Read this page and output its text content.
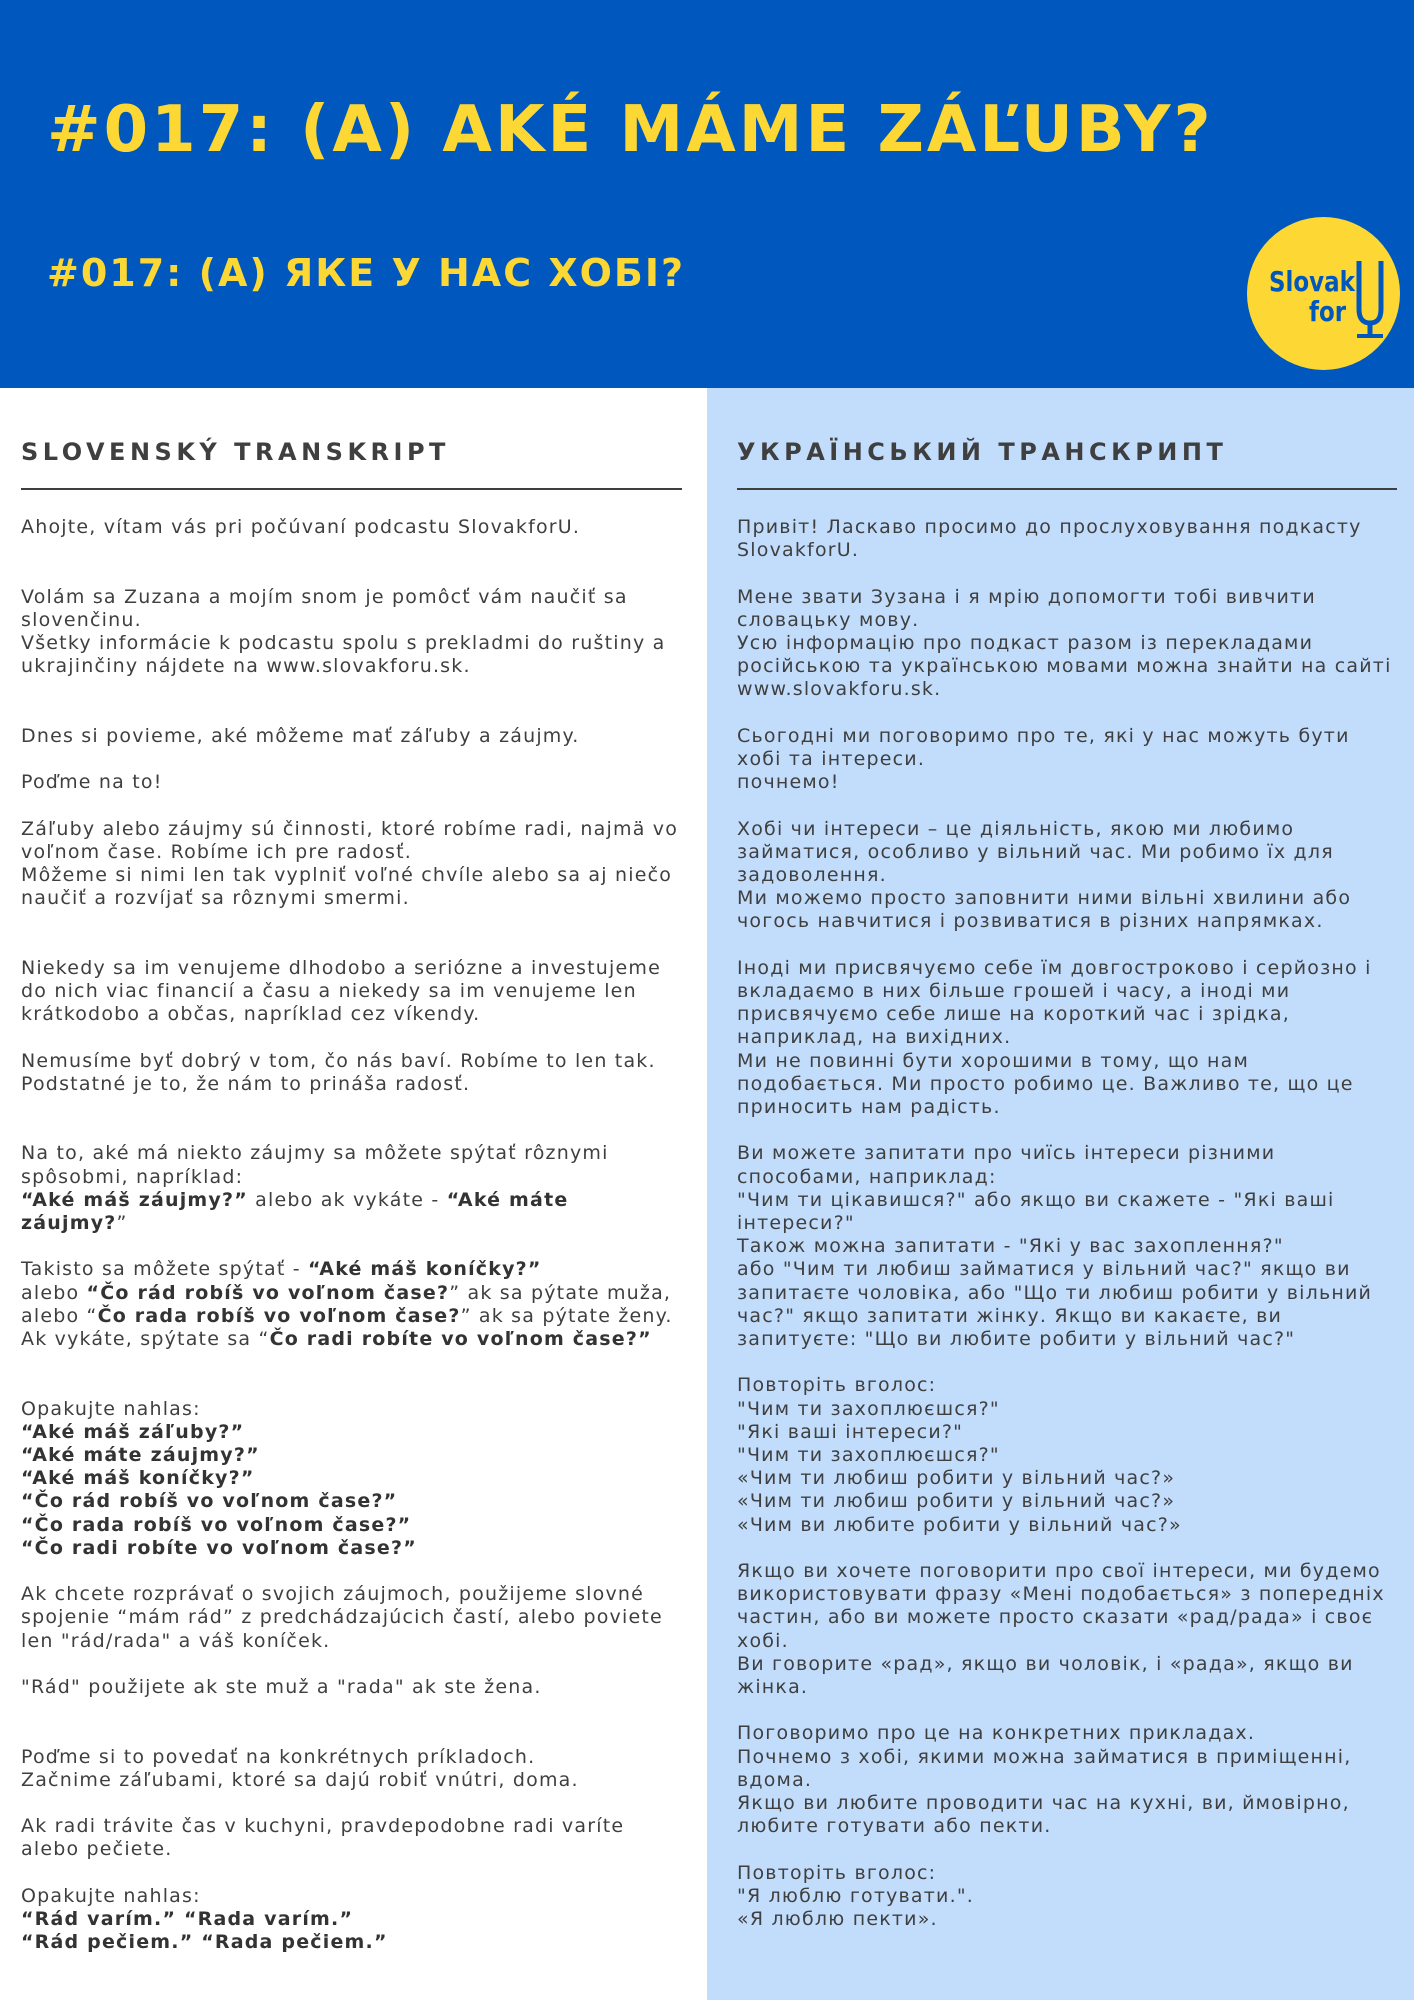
#017: (A) AKÉ MÁME ZÁĽUBY?
#017: (А) ЯКЕ У НАС ХОБІ?	Slovak
for
SLOVENSKÝ TRANSKRIPT

Ahojte, vítam vás pri počúvaní podcastu SlovakforU.

Volám sa Zuzana a mojím snom je pomôcť vám naučiť sa slovenčinu.
Všetky informácie k podcastu spolu s prekladmi do ruštiny a ukrajinčiny nájdete na www.slovakforu.sk.

Dnes si povieme, aké môžeme mať záľuby a záujmy.

Poďme na to!

Záľuby alebo záujmy sú činnosti, ktoré robíme radi, najmä vo voľnom čase. Robíme ich pre radosť.
Môžeme si nimi len tak vyplniť voľné chvíle alebo sa aj niečo naučiť a rozvíjať sa rôznymi smermi.

Niekedy sa im venujeme dlhodobo a seriózne a investujeme do nich viac financií a času a niekedy sa im venujeme len krátkodobo a občas, napríklad cez víkendy.

Nemusíme byť dobrý v tom, čo nás baví. Robíme to len tak. Podstatné je to, že nám to prináša radosť.

Na to, aké má niekto záujmy sa môžete spýtať rôznymi spôsobmi, napríklad:
“Aké máš záujmy?” alebo ak vykáte - “Aké máte záujmy?”

Takisto sa môžete spýtať - “Aké máš koníčky?”
alebo “Čo rád robíš vo voľnom čase?” ak sa pýtate muža, alebo “Čo rada robíš vo voľnom čase?” ak sa pýtate ženy. Ak vykáte, spýtate sa “Čo radi robíte vo voľnom čase?”

Opakujte nahlas:
“Aké máš záľuby?”
“Aké máte záujmy?”
“Aké máš koníčky?”
“Čo rád robíš vo voľnom čase?”
“Čo rada robíš vo voľnom čase?”
“Čo radi robíte vo voľnom čase?”

Ak chcete rozprávať o svojich záujmoch, použijeme slovné spojenie “mám rád” z predchádzajúcich častí, alebo poviete len "rád/rada" a váš koníček.

"Rád" použijete ak ste muž a "rada" ak ste žena.

Poďme si to povedať na konkrétnych príkladoch.
Začnime záľubami, ktoré sa dajú robiť vnútri, doma.

Ak radi trávite čas v kuchyni, pravdepodobne radi varíte alebo pečiete.

Opakujte nahlas:
“Rád varím.” “Rada varím.”
“Rád pečiem.” “Rada pečiem.”

УКРАЇНСЬКИЙ ТРАНСКРИПТ

Привіт! Ласкаво просимо до прослуховування подкасту SlovakforU.

Мене звати Зузана і я мрію допомогти тобі вивчити словацьку мову.
Усю інформацію про подкаст разом із перекладами російською та українською мовами можна знайти на сайті www.slovakforu.sk.

Сьогодні ми поговоримо про те, які у нас можуть бути хобі та інтереси.
почнемо!

Хобі чи інтереси – це діяльність, якою ми любимо займатися, особливо у вільний час. Ми робимо їх для задоволення.
Ми можемо просто заповнити ними вільні хвилини або чогось навчитися і розвиватися в різних напрямках.

Іноді ми присвячуємо себе їм довгостроково і серйозно і вкладаємо в них більше грошей і часу, а іноді ми присвячуємо себе лише на короткий час і зрідка, наприклад, на вихідних.
Ми не повинні бути хорошими в тому, що нам подобається. Ми просто робимо це. Важливо те, що це приносить нам радість.

Ви можете запитати про чиїсь інтереси різними способами, наприклад:
"Чим ти цікавишся?" або якщо ви скажете - "Які ваші інтереси?"
Також можна запитати - "Які у вас захоплення?"
або "Чим ти любиш займатися у вільний час?" якщо ви запитаєте чоловіка, або "Що ти любиш робити у вільний час?" якщо запитати жінку. Якщо ви какаєте, ви запитуєте: "Що ви любите робити у вільний час?"

Повторіть вголос:
"Чим ти захоплюєшся?"
"Які ваші інтереси?"
"Чим ти захоплюєшся?"
«Чим ти любиш робити у вільний час?»
«Чим ти любиш робити у вільний час?»
«Чим ви любите робити у вільний час?»

Якщо ви хочете поговорити про свої інтереси, ми будемо використовувати фразу «Мені подобається» з попередніх частин, або ви можете просто сказати «рад/рада» і своє хобі.
Ви говорите «рад», якщо ви чоловік, і «рада», якщо ви жінка.

Поговоримо про це на конкретних прикладах.
Почнемо з хобі, якими можна займатися в приміщенні, вдома.
Якщо ви любите проводити час на кухні, ви, ймовірно, любите готувати або пекти.

Повторіть вголос:
"Я люблю готувати.".
«Я люблю пекти».
